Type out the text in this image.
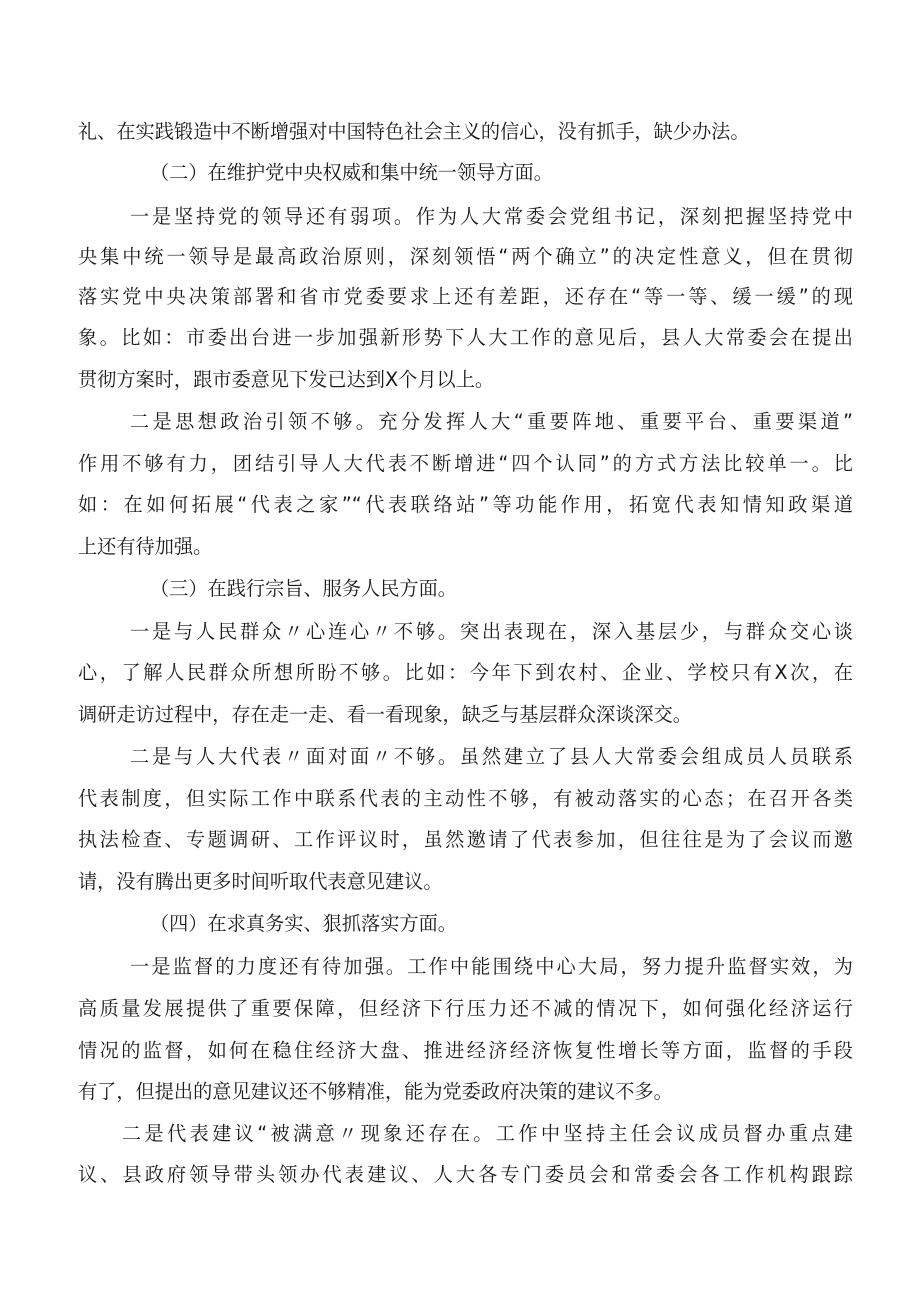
礼、在实践锻造中不断增强对中国特色社会主义的信心，没有抓手，缺少办法。
（二）在维护党中央权威和集中统一领导方面。
一是坚持党的领导还有弱项。作为人大常委会党组书记，深刻把握坚持党中
央集中统一领导是最高政治原则，深刻领悟“两个确立”的决定性意义，但在贯彻
落实党中央决策部署和省市党委要求上还有差距，还存在“等一等、缓一缓”的现
象。比如：市委出台进一步加强新形势下人大工作的意见后，县人大常委会在提出
贯彻方案时，跟市委意见下发已达到X个月以上。
二是思想政治引领不够。充分发挥人大“重要阵地、重要平台、重要渠道”
作用不够有力，团结引导人大代表不断增进“四个认同”的方式方法比较单一。比
如：在如何拓展“代表之家”“代表联络站”等功能作用，拓宽代表知情知政渠道
上还有待加强。
（三）在践行宗旨、服务人民方面。
一是与人民群众〃心连心〃不够。突出表现在，深入基层少，与群众交心谈
心，了解人民群众所想所盼不够。比如：今年下到农村、企业、学校只有X次，在
调研走访过程中，存在走一走、看一看现象，缺乏与基层群众深谈深交。
二是与人大代表〃面对面〃不够。虽然建立了县人大常委会组成员人员联系
代表制度，但实际工作中联系代表的主动性不够，有被动落实的心态；在召开各类
执法检查、专题调研、工作评议时，虽然邀请了代表参加，但往往是为了会议而邀
请，没有腾出更多时间听取代表意见建议。
（四）在求真务实、狠抓落实方面。
一是监督的力度还有待加强。工作中能围绕中心大局，努力提升监督实效，为
高质量发展提供了重要保障，但经济下行压力还不减的情况下，如何强化经济运行
情况的监督，如何在稳住经济大盘、推进经济经济恢复性增长等方面，监督的手段
有了，但提出的意见建议还不够精准，能为党委政府决策的建议不多。
二是代表建议“被满意〃现象还存在。工作中坚持主任会议成员督办重点建
议、县政府领导带头领办代表建议、人大各专门委员会和常委会各工作机构跟踪
